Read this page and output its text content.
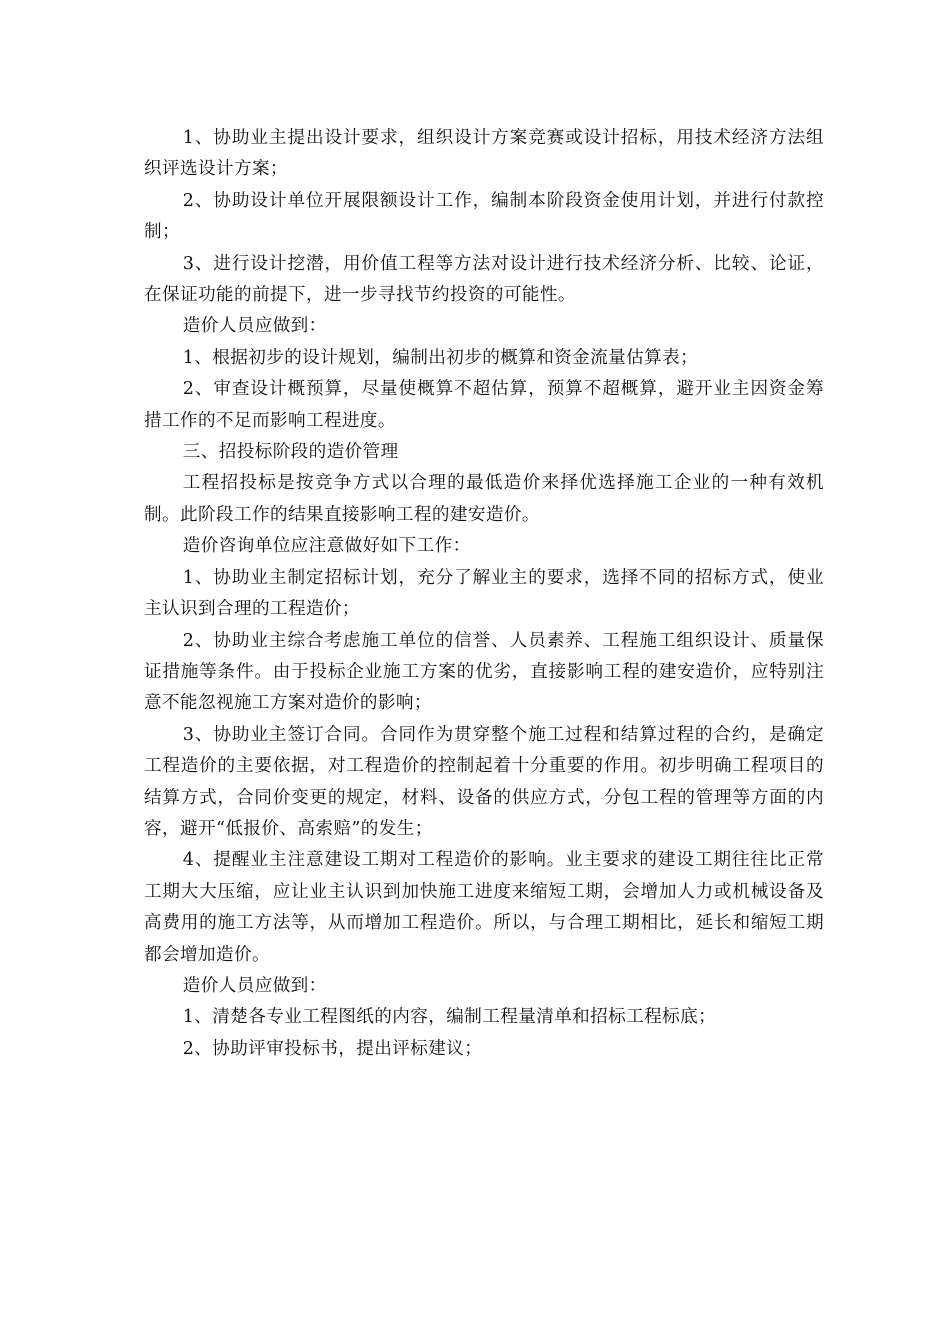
1、协助业主提出设计要求，组织设计方案竞赛或设计招标，用技术经济方法组织评选设计方案；

2、协助设计单位开展限额设计工作，编制本阶段资金使用计划，并进行付款控制；

3、进行设计挖潜，用价值工程等方法对设计进行技术经济分析、比较、论证，在保证功能的前提下，进一步寻找节约投资的可能性。

造价人员应做到：

1、根据初步的设计规划，编制出初步的概算和资金流量估算表；

2、审查设计概预算，尽量使概算不超估算，预算不超概算，避开业主因资金筹措工作的不足而影响工程进度。

三、招投标阶段的造价管理

工程招投标是按竞争方式以合理的最低造价来择优选择施工企业的一种有效机制。此阶段工作的结果直接影响工程的建安造价。

造价咨询单位应注意做好如下工作：

1、协助业主制定招标计划，充分了解业主的要求，选择不同的招标方式，使业主认识到合理的工程造价；

2、协助业主综合考虑施工单位的信誉、人员素养、工程施工组织设计、质量保证措施等条件。由于投标企业施工方案的优劣，直接影响工程的建安造价，应特别注意不能忽视施工方案对造价的影响；

3、协助业主签订合同。合同作为贯穿整个施工过程和结算过程的合约，是确定工程造价的主要依据，对工程造价的控制起着十分重要的作用。初步明确工程项目的结算方式，合同价变更的规定，材料、设备的供应方式，分包工程的管理等方面的内容，避开“低报价、高索赔”的发生；

4、提醒业主注意建设工期对工程造价的影响。业主要求的建设工期往往比正常工期大大压缩，应让业主认识到加快施工进度来缩短工期，会增加人力或机械设备及高费用的施工方法等，从而增加工程造价。所以，与合理工期相比，延长和缩短工期都会增加造价。

造价人员应做到：

1、清楚各专业工程图纸的内容，编制工程量清单和招标工程标底；

2、协助评审投标书，提出评标建议；
